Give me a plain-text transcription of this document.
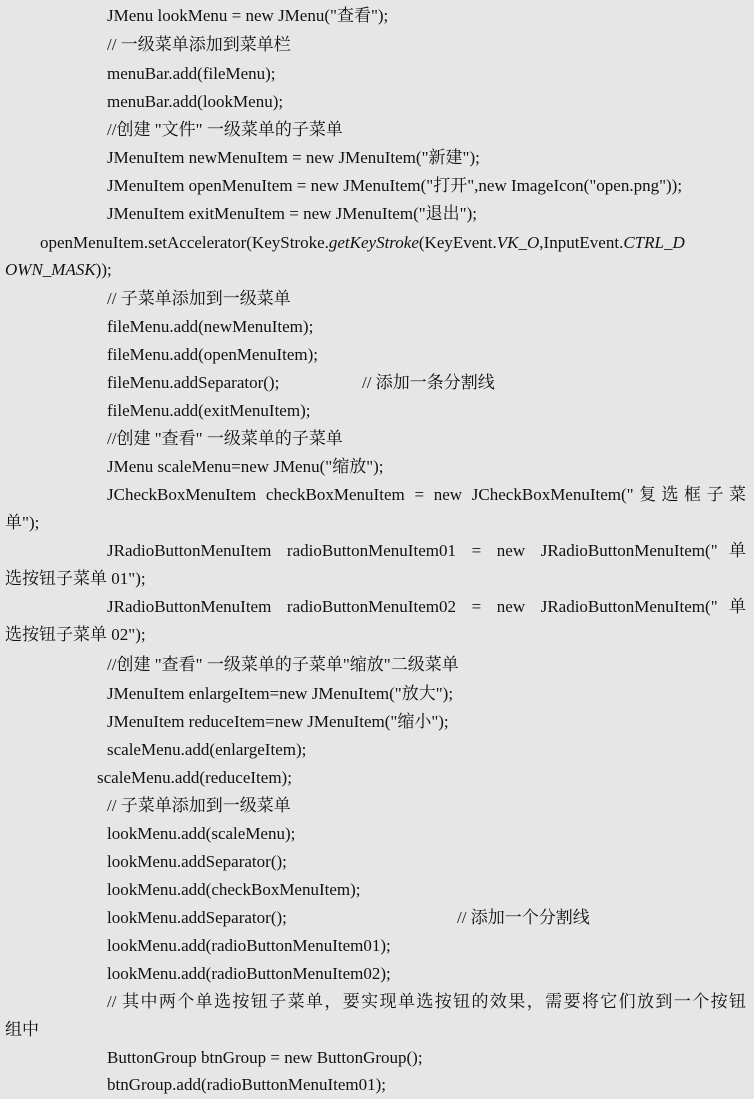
JMenu lookMenu = new JMenu("查看");
// 一级菜单添加到菜单栏
menuBar.add(fileMenu);
menuBar.add(lookMenu);
//创建 "文件" 一级菜单的子菜单
JMenuItem newMenuItem = new JMenuItem("新建");
JMenuItem openMenuItem = new JMenuItem("打开",new ImageIcon("open.png"));
JMenuItem exitMenuItem = new JMenuItem("退出");
openMenuItem.setAccelerator(KeyStroke.getKeyStroke(KeyEvent.VK_O,InputEvent.CTRL_D
OWN_MASK));
// 子菜单添加到一级菜单
fileMenu.add(newMenuItem);
fileMenu.add(openMenuItem);
fileMenu.addSeparator();	// 添加一条分割线
fileMenu.add(exitMenuItem);
//创建 "查看" 一级菜单的子菜单
JMenu scaleMenu=new JMenu("缩放");
JCheckBoxMenuItem checkBoxMenuItem = new JCheckBoxMenuItem("复选框子菜
单");
JRadioButtonMenuItem radioButtonMenuItem01 = new JRadioButtonMenuItem("单
选按钮子菜单 01");
JRadioButtonMenuItem radioButtonMenuItem02 = new JRadioButtonMenuItem("单
选按钮子菜单 02");
//创建 "查看" 一级菜单的子菜单"缩放"二级菜单
JMenuItem enlargeItem=new JMenuItem("放大");
JMenuItem reduceItem=new JMenuItem("缩小");
scaleMenu.add(enlargeItem);
scaleMenu.add(reduceItem);
// 子菜单添加到一级菜单
lookMenu.add(scaleMenu);
lookMenu.addSeparator();
lookMenu.add(checkBoxMenuItem);
lookMenu.addSeparator();	// 添加一个分割线
lookMenu.add(radioButtonMenuItem01);
lookMenu.add(radioButtonMenuItem02);
// 其中两个单选按钮子菜单，要实现单选按钮的效果，需要将它们放到一个按钮
组中
ButtonGroup btnGroup = new ButtonGroup();
btnGroup.add(radioButtonMenuItem01);
